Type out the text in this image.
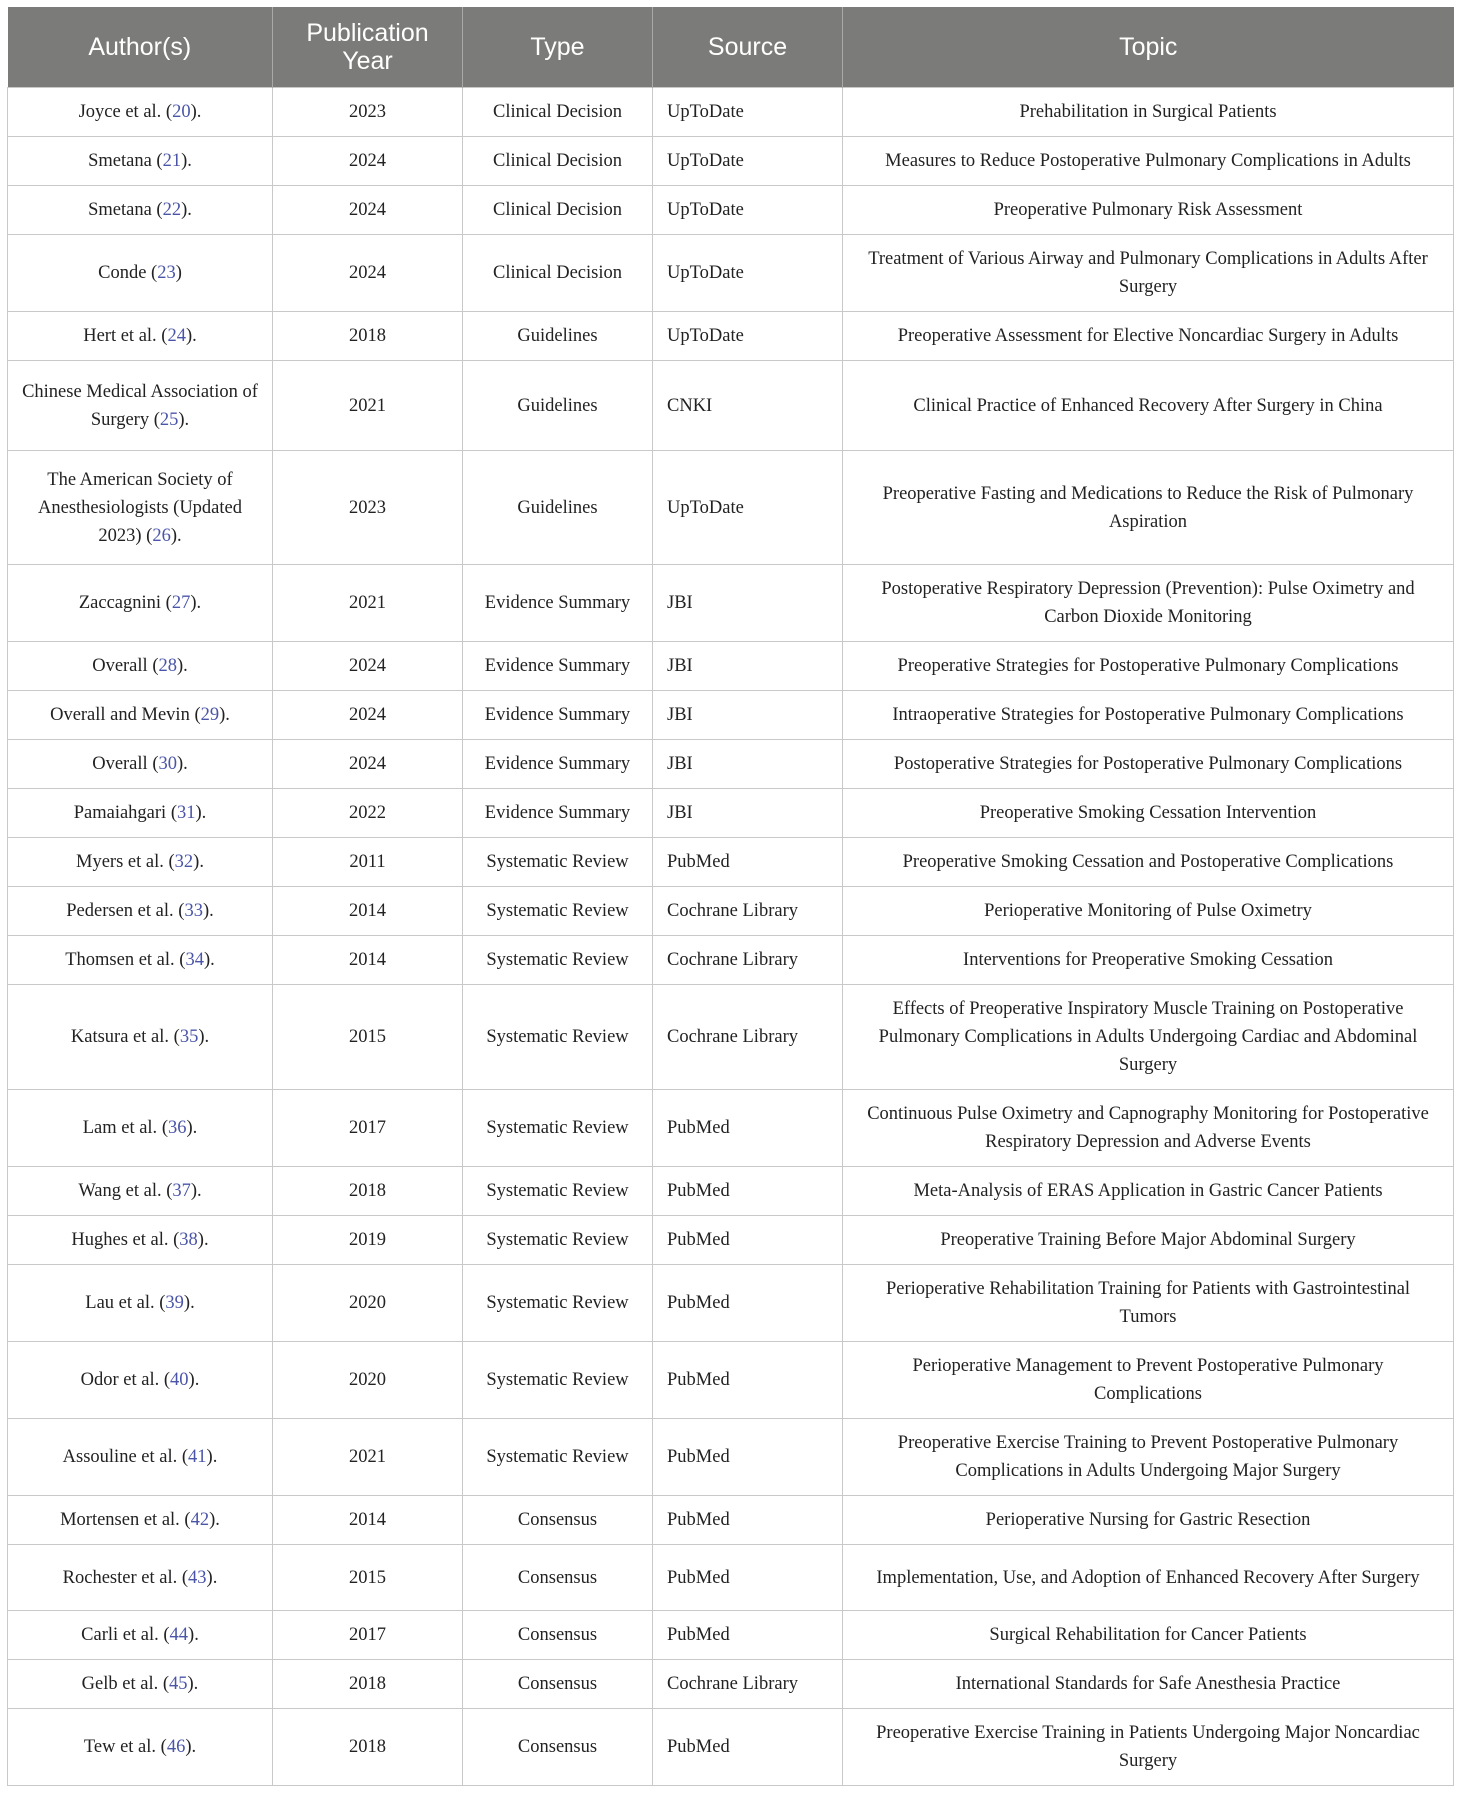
Author(s)	Publication Year	Type	Source	Topic
Joyce et al. (20).	2023	Clinical Decision	UpToDate	Prehabilitation in Surgical Patients
Smetana (21).	2024	Clinical Decision	UpToDate	Measures to Reduce Postoperative Pulmonary Complications in Adults
Smetana (22).	2024	Clinical Decision	UpToDate	Preoperative Pulmonary Risk Assessment
Conde (23)	2024	Clinical Decision	UpToDate	Treatment of Various Airway and Pulmonary Complications in Adults After Surgery
Hert et al. (24).	2018	Guidelines	UpToDate	Preoperative Assessment for Elective Noncardiac Surgery in Adults
Chinese Medical Association of Surgery (25).	2021	Guidelines	CNKI	Clinical Practice of Enhanced Recovery After Surgery in China
The American Society of Anesthesiologists (Updated 2023) (26).	2023	Guidelines	UpToDate	Preoperative Fasting and Medications to Reduce the Risk of Pulmonary Aspiration
Zaccagnini (27).	2021	Evidence Summary	JBI	Postoperative Respiratory Depression (Prevention): Pulse Oximetry and Carbon Dioxide Monitoring
Overall (28).	2024	Evidence Summary	JBI	Preoperative Strategies for Postoperative Pulmonary Complications
Overall and Mevin (29).	2024	Evidence Summary	JBI	Intraoperative Strategies for Postoperative Pulmonary Complications
Overall (30).	2024	Evidence Summary	JBI	Postoperative Strategies for Postoperative Pulmonary Complications
Pamaiahgari (31).	2022	Evidence Summary	JBI	Preoperative Smoking Cessation Intervention
Myers et al. (32).	2011	Systematic Review	PubMed	Preoperative Smoking Cessation and Postoperative Complications
Pedersen et al. (33).	2014	Systematic Review	Cochrane Library	Perioperative Monitoring of Pulse Oximetry
Thomsen et al. (34).	2014	Systematic Review	Cochrane Library	Interventions for Preoperative Smoking Cessation
Katsura et al. (35).	2015	Systematic Review	Cochrane Library	Effects of Preoperative Inspiratory Muscle Training on Postoperative Pulmonary Complications in Adults Undergoing Cardiac and Abdominal Surgery
Lam et al. (36).	2017	Systematic Review	PubMed	Continuous Pulse Oximetry and Capnography Monitoring for Postoperative Respiratory Depression and Adverse Events
Wang et al. (37).	2018	Systematic Review	PubMed	Meta-Analysis of ERAS Application in Gastric Cancer Patients
Hughes et al. (38).	2019	Systematic Review	PubMed	Preoperative Training Before Major Abdominal Surgery
Lau et al. (39).	2020	Systematic Review	PubMed	Perioperative Rehabilitation Training for Patients with Gastrointestinal Tumors
Odor et al. (40).	2020	Systematic Review	PubMed	Perioperative Management to Prevent Postoperative Pulmonary Complications
Assouline et al. (41).	2021	Systematic Review	PubMed	Preoperative Exercise Training to Prevent Postoperative Pulmonary Complications in Adults Undergoing Major Surgery
Mortensen et al. (42).	2014	Consensus	PubMed	Perioperative Nursing for Gastric Resection
Rochester et al. (43).	2015	Consensus	PubMed	Implementation, Use, and Adoption of Enhanced Recovery After Surgery
Carli et al. (44).	2017	Consensus	PubMed	Surgical Rehabilitation for Cancer Patients
Gelb et al. (45).	2018	Consensus	Cochrane Library	International Standards for Safe Anesthesia Practice
Tew et al. (46).	2018	Consensus	PubMed	Preoperative Exercise Training in Patients Undergoing Major Noncardiac Surgery
